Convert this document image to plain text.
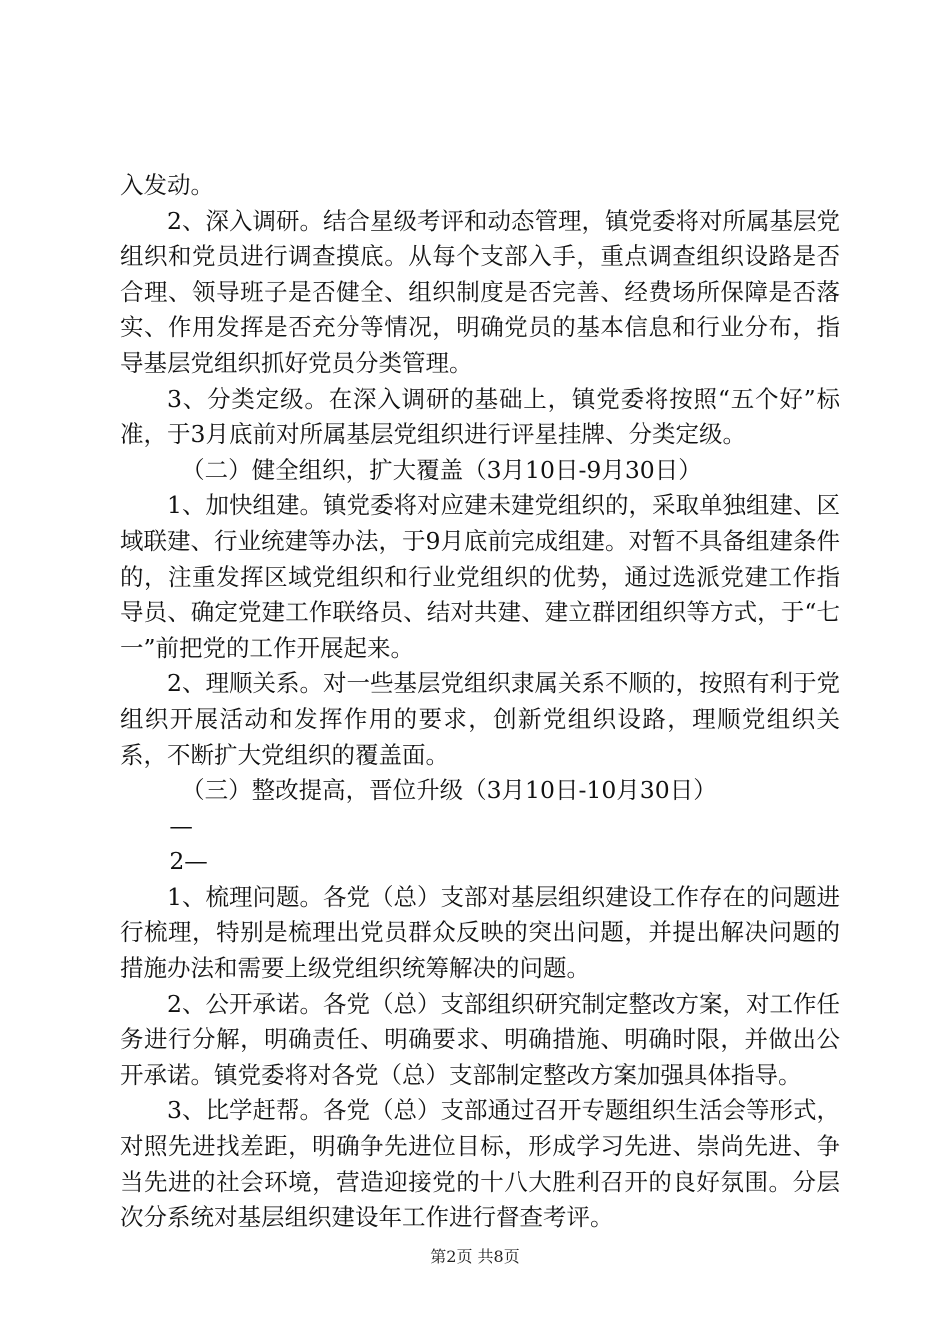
入发动。

2、深入调研。结合星级考评和动态管理，镇党委将对所属基层党组织和党员进行调查摸底。从每个支部入手，重点调查组织设路是否合理、领导班子是否健全、组织制度是否完善、经费场所保障是否落实、作用发挥是否充分等情况，明确党员的基本信息和行业分布，指导基层党组织抓好党员分类管理。

3、分类定级。在深入调研的基础上，镇党委将按照“五个好”标准，于3月底前对所属基层党组织进行评星挂牌、分类定级。

（二）健全组织，扩大覆盖（3月10日-9月30日）

1、加快组建。镇党委将对应建未建党组织的，采取单独组建、区域联建、行业统建等办法，于9月底前完成组建。对暂不具备组建条件的，注重发挥区域党组织和行业党组织的优势，通过选派党建工作指导员、确定党建工作联络员、结对共建、建立群团组织等方式，于“七一”前把党的工作开展起来。

2、理顺关系。对一些基层党组织隶属关系不顺的，按照有利于党组织开展活动和发挥作用的要求，创新党组织设路，理顺党组织关系，不断扩大党组织的覆盖面。

（三）整改提高，晋位升级（3月10日-10月30日）

—

2—

1、梳理问题。各党（总）支部对基层组织建设工作存在的问题进行梳理，特别是梳理出党员群众反映的突出问题，并提出解决问题的措施办法和需要上级党组织统筹解决的问题。

2、公开承诺。各党（总）支部组织研究制定整改方案，对工作任务进行分解，明确责任、明确要求、明确措施、明确时限，并做出公开承诺。镇党委将对各党（总）支部制定整改方案加强具体指导。

3、比学赶帮。各党（总）支部通过召开专题组织生活会等形式，对照先进找差距，明确争先进位目标，形成学习先进、崇尚先进、争当先进的社会环境，营造迎接党的十八大胜利召开的良好氛围。分层次分系统对基层组织建设年工作进行督查考评。

第2页 共8页
